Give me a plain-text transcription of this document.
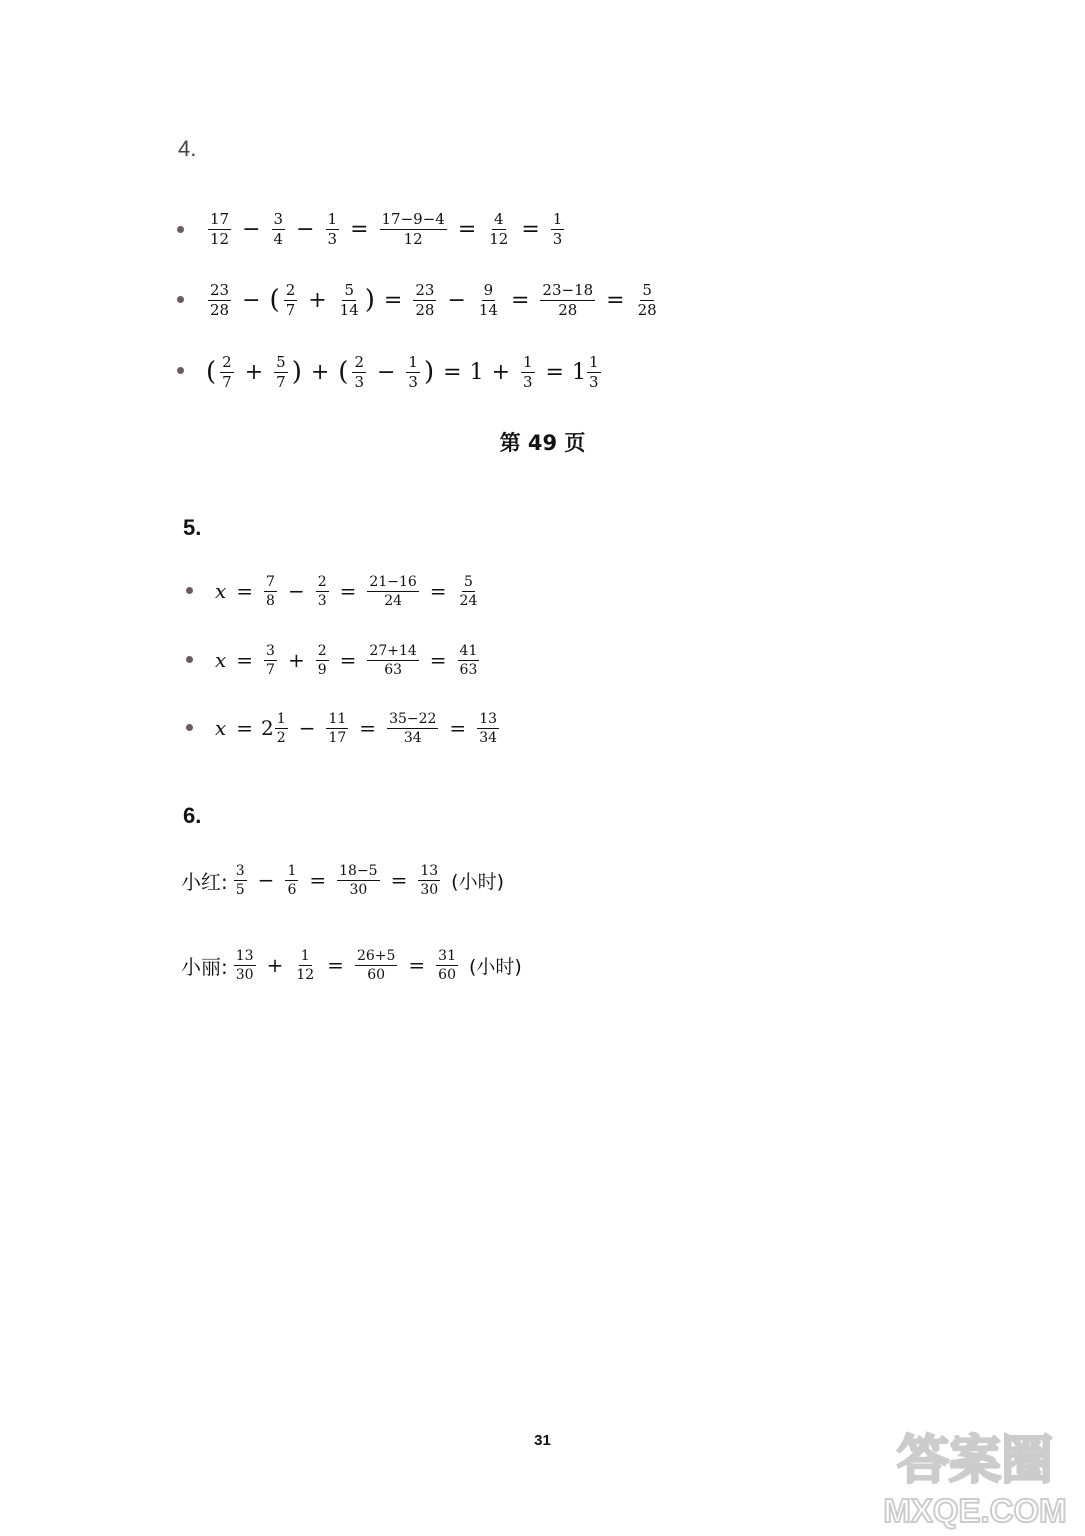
4.
$\frac{17}{12} - \frac{3}{4} - \frac{1}{3} = \frac{17-9-4}{12} = \frac{4}{12} = \frac{1}{3}$
$\frac{23}{28}$ − ( $\frac{2}{7} + \frac{5}{14}$ ) = $\frac{23}{28} - \frac{9}{14} = \frac{23-18}{28} = \frac{5}{28}$
( $\frac{2}{7} + \frac{5}{7}$ ) + ( $\frac{2}{3} - \frac{1}{3}$ ) = $1 + \frac{1}{3} = 1 \frac{1}{3}$
第 49 页
5.
$x = \frac{7}{8} - \frac{2}{3} = \frac{21-16}{24} = \frac{5}{24}$
$x = \frac{3}{7} + \frac{2}{9} = \frac{27+14}{63} = \frac{41}{63}$
$x = 2 \frac{1}{2} - \frac{11}{17} = \frac{35-22}{34} = \frac{13}{34}$
6.
小红: $\frac{3}{5} - \frac{1}{6} = \frac{18-5}{30} = \frac{13}{30}$ (小时)
小丽: $\frac{13}{30} + \frac{1}{12} = \frac{26+5}{60} = \frac{31}{60}$ (小时)
31	答案圈
MXQE.COM
